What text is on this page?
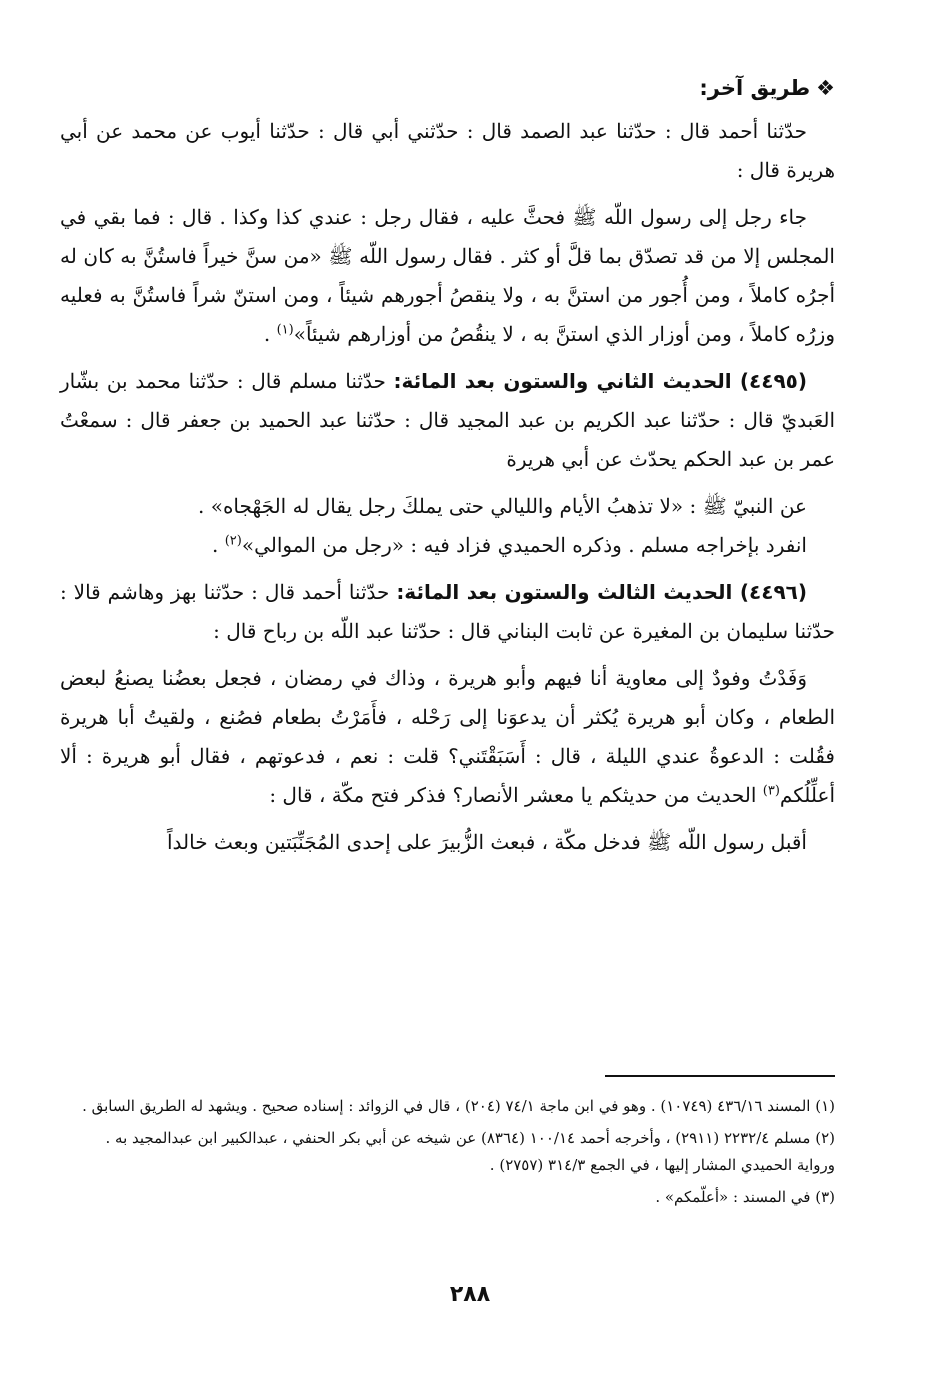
❖طريق آخر:

حدّثنا أحمد قال : حدّثنا عبد الصمد قال : حدّثني أبي قال : حدّثنا أيوب عن محمد عن أبي هريرة قال :

جاء رجل إلى رسول اللّه ﷺ فحثَّ عليه ، فقال رجل : عندي كذا وكذا . قال : فما بقي في المجلس إلا من قد تصدّق بما قلَّ أو كثر . فقال رسول اللّه ﷺ «من سنَّ خيراً فاستُنَّ به كان له أجرُه كاملاً ، ومن أُجور من استنَّ به ، ولا ينقصُ أجورهم شيئاً ، ومن استنّ شراً فاستُنَّ به فعليه وزرُه كاملاً ، ومن أوزار الذي استنَّ به ، لا ينقُصُ من أوزارهم شيئاً»$^{(١)}$ .

(٤٤٩٥) الحديث الثاني والستون بعد المائة: حدّثنا مسلم قال : حدّثنا محمد بن بشّار العَبديّ قال : حدّثنا عبد الكريم بن عبد المجيد قال : حدّثنا عبد الحميد بن جعفر قال : سمعْتُ عمر بن عبد الحكم يحدّث عن أبي هريرة

عن النبيّ ﷺ : «لا تذهبُ الأيام والليالي حتى يملكَ رجل يقال له الجَهْجاه» .

انفرد بإخراجه مسلم . وذكره الحميدي فزاد فيه : «رجل من الموالي»$^{(٢)}$ .

(٤٤٩٦) الحديث الثالث والستون بعد المائة: حدّثنا أحمد قال : حدّثنا بهز وهاشم قالا : حدّثنا سليمان بن المغيرة عن ثابت البناني قال : حدّثنا عبد اللّه بن رباح قال :

وَفَدْتُ وفودٌ إلى معاوية أنا فيهم وأبو هريرة ، وذاك في رمضان ، فجعل بعضُنا يصنعُ لبعض الطعام ، وكان أبو هريرة يُكثر أن يدعوَنا إلى رَحْله ، فأَمَرْتُ بطعام فصُنع ، ولقيتُ أبا هريرة فقُلت : الدعوةُ عندي الليلة ، قال : أَسَبَقْتَني؟ قلت : نعم ، فدعوتهم ، فقال أبو هريرة : ألا أعلِّلُكم$^{(٣)}$ الحديث من حديثكم يا معشر الأنصار؟ فذكر فتح مكّة ، قال :

أقبل رسول اللّه ﷺ فدخل مكّة ، فبعث الزُّبيرَ على إحدى المُجَنِّبَتين وبعث خالداً

(١) المسند ٤٣٦/١٦ (١٠٧٤٩) . وهو في ابن ماجة ٧٤/١ (٢٠٤) ، قال في الزوائد : إسناده صحيح . ويشهد له الطريق السابق .

(٢) مسلم ٢٢٣٢/٤ (٢٩١١) ، وأخرجه أحمد ١٠٠/١٤ (٨٣٦٤) عن شيخه عن أبي بكر الحنفي ، عبدالكبير ابن عبدالمجيد به . ورواية الحميدي المشار إليها ، في الجمع ٣١٤/٣ (٢٧٥٧) .

(٣) في المسند : «أعلّمكم» .

٢٨٨
